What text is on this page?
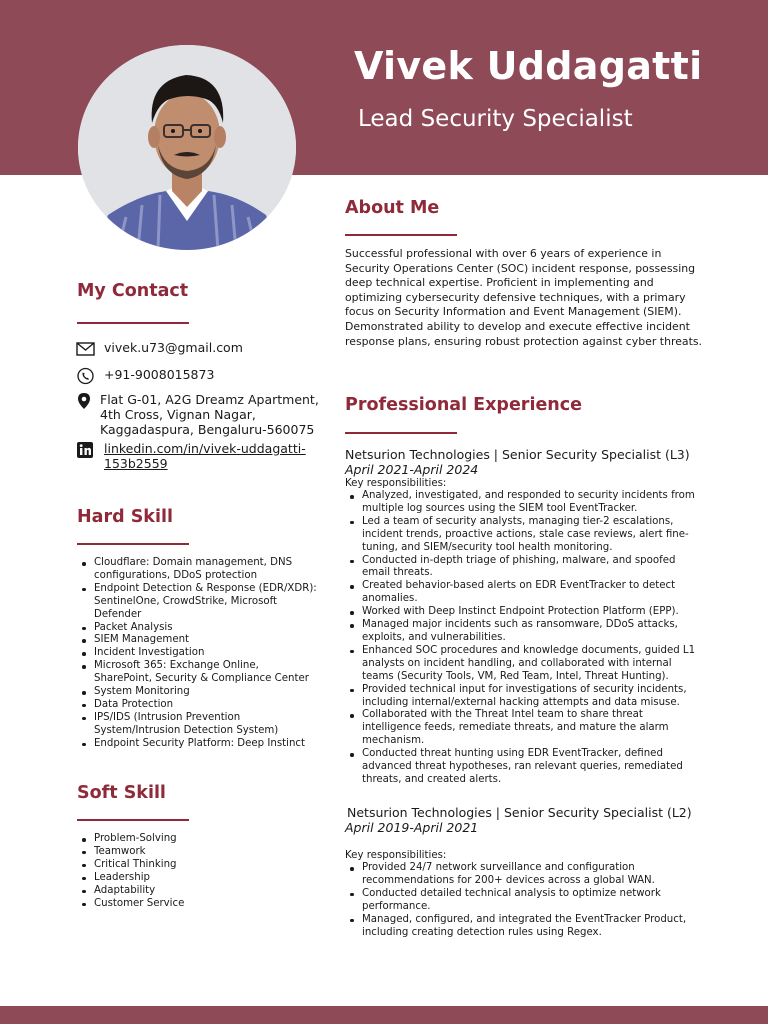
Vivek Uddagatti
Lead Security Specialist
About Me
Successful professional with over 6 years of experience in Security Operations Center (SOC) incident response, possessing deep technical expertise. Proficient in implementing and optimizing cybersecurity defensive techniques, with a primary focus on Security Information and Event Management (SIEM). Demonstrated ability to develop and execute effective incident response plans, ensuring robust protection against cyber threats.
My Contact
vivek.u73@gmail.com
+91-9008015873
Flat G-01, A2G Dreamz Apartment,
4th Cross, Vignan Nagar,
Kaggadaspura, Bengaluru-560075
linkedin.com/in/vivek-uddagatti-
153b2559
Hard Skill
Cloudflare: Domain management, DNS configurations, DDoS protection
Endpoint Detection & Response (EDR/XDR): SentinelOne, CrowdStrike, Microsoft Defender
Packet Analysis
SIEM Management
Incident Investigation
Microsoft 365: Exchange Online, SharePoint, Security & Compliance Center
System Monitoring
Data Protection
IPS/IDS (Intrusion Prevention System/Intrusion Detection System)
Endpoint Security Platform: Deep Instinct
Soft Skill
Problem-Solving
Teamwork
Critical Thinking
Leadership
Adaptability
Customer Service
Professional Experience
Netsurion Technologies | Senior Security Specialist (L3)
April 2021-April 2024
Key responsibilities:
Analyzed, investigated, and responded to security incidents from multiple log sources using the SIEM tool EventTracker.
Led a team of security analysts, managing tier-2 escalations, incident trends, proactive actions, stale case reviews, alert fine-tuning, and SIEM/security tool health monitoring.
Conducted in-depth triage of phishing, malware, and spoofed email threats.
Created behavior-based alerts on EDR EventTracker to detect anomalies.
Worked with Deep Instinct Endpoint Protection Platform (EPP).
Managed major incidents such as ransomware, DDoS attacks, exploits, and vulnerabilities.
Enhanced SOC procedures and knowledge documents, guided L1 analysts on incident handling, and collaborated with internal teams (Security Tools, VM, Red Team, Intel, Threat Hunting).
Provided technical input for investigations of security incidents, including internal/external hacking attempts and data misuse.
Collaborated with the Threat Intel team to share threat intelligence feeds, remediate threats, and mature the alarm mechanism.
Conducted threat hunting using EDR EventTracker, defined advanced threat hypotheses, ran relevant queries, remediated threats, and created alerts.
Netsurion Technologies | Senior Security Specialist (L2)
April 2019-April 2021
Key responsibilities:
Provided 24/7 network surveillance and configuration recommendations for 200+ devices across a global WAN.
Conducted detailed technical analysis to optimize network performance.
Managed, configured, and integrated the EventTracker Product, including creating detection rules using Regex.
